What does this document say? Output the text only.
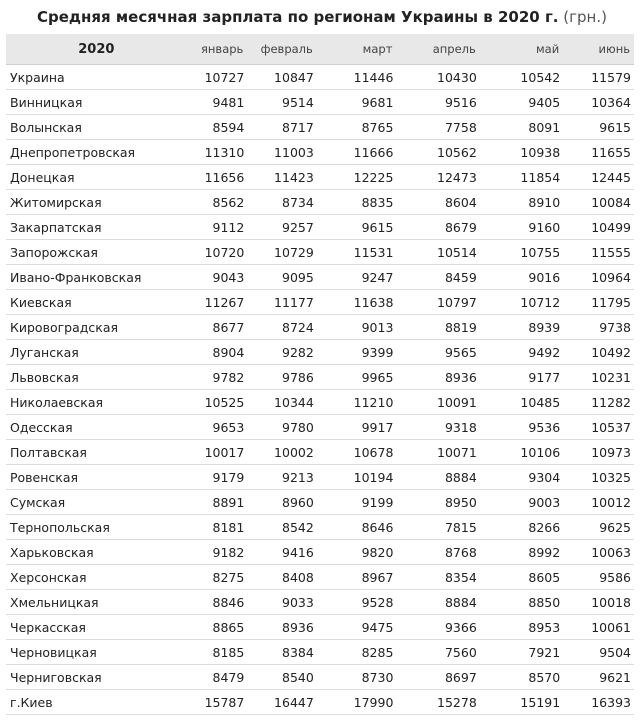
Средняя месячная зарплата по регионам Украины в 2020 г. (грн.)
2020	январь	февраль	март	апрель	май	июнь
Украина	10727	10847	11446	10430	10542	11579
Винницкая	9481	9514	9681	9516	9405	10364
Волынская	8594	8717	8765	7758	8091	9615
Днепропетровская	11310	11003	11666	10562	10938	11655
Донецкая	11656	11423	12225	12473	11854	12445
Житомирская	8562	8734	8835	8604	8910	10084
Закарпатская	9112	9257	9615	8679	9160	10499
Запорожская	10720	10729	11531	10514	10755	11555
Ивано-Франковская	9043	9095	9247	8459	9016	10964
Киевская	11267	11177	11638	10797	10712	11795
Кировоградская	8677	8724	9013	8819	8939	9738
Луганская	8904	9282	9399	9565	9492	10492
Львовская	9782	9786	9965	8936	9177	10231
Николаевская	10525	10344	11210	10091	10485	11282
Одесская	9653	9780	9917	9318	9536	10537
Полтавская	10017	10002	10678	10071	10106	10973
Ровенская	9179	9213	10194	8884	9304	10325
Сумская	8891	8960	9199	8950	9003	10012
Тернопольская	8181	8542	8646	7815	8266	9625
Харьковская	9182	9416	9820	8768	8992	10063
Херсонская	8275	8408	8967	8354	8605	9586
Хмельницкая	8846	9033	9528	8884	8850	10018
Черкасская	8865	8936	9475	9366	8953	10061
Черновицкая	8185	8384	8285	7560	7921	9504
Черниговская	8479	8540	8730	8697	8570	9621
г.Киев	15787	16447	17990	15278	15191	16393
